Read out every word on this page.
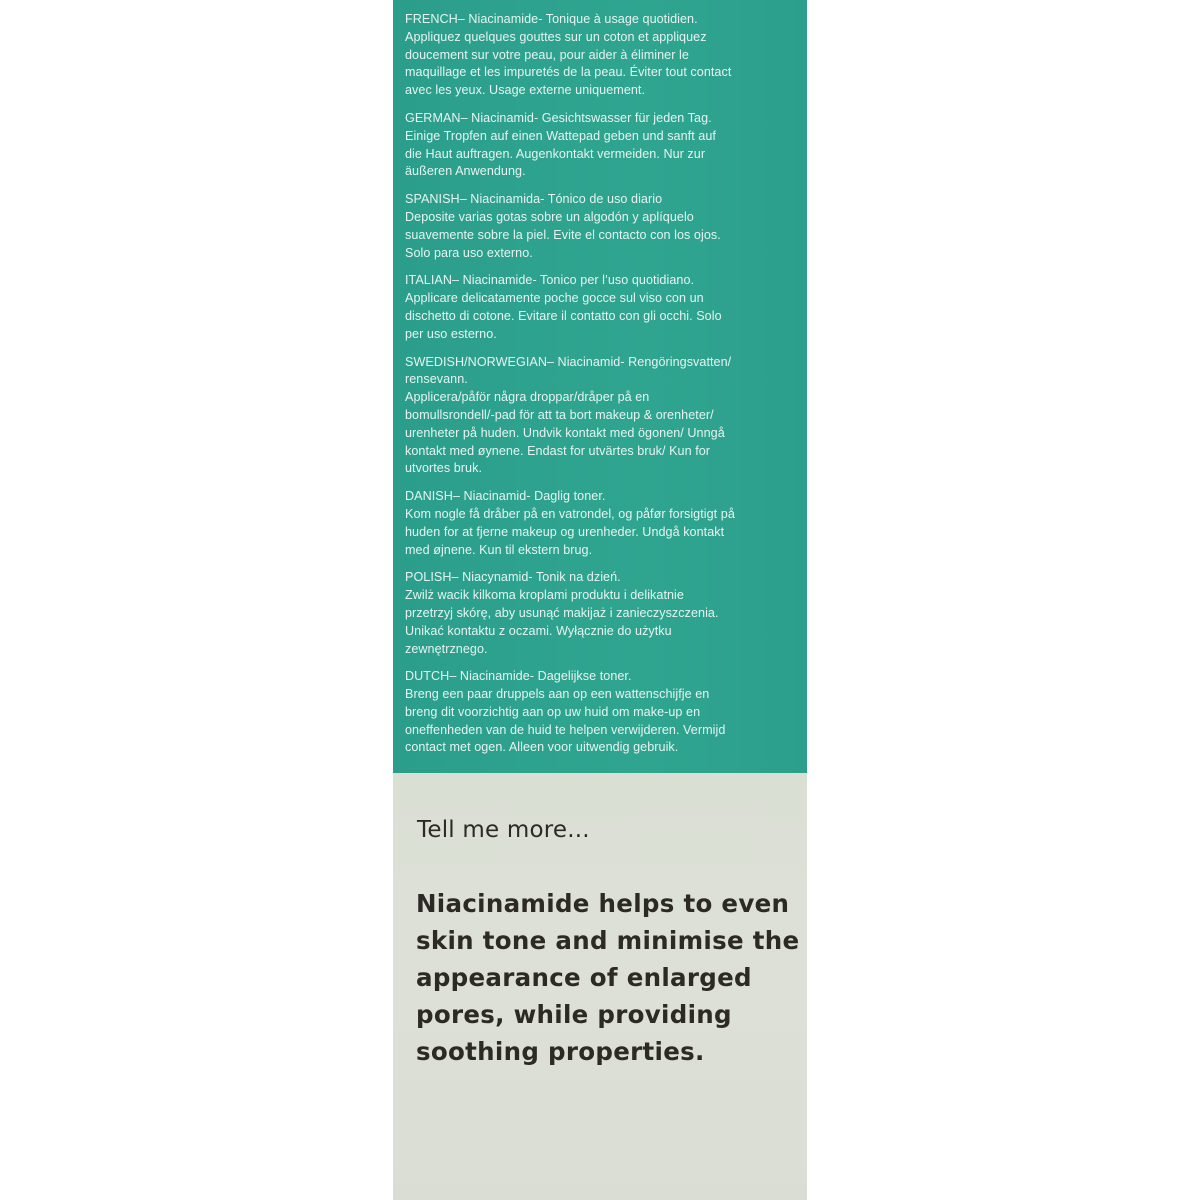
FRENCH– Niacinamide- Tonique à usage quotidien.
Appliquez quelques gouttes sur un coton et appliquez
doucement sur votre peau, pour aider à éliminer le
maquillage et les impuretés de la peau. Éviter tout contact
avec les yeux. Usage externe uniquement.
GERMAN– Niacinamid- Gesichtswasser für jeden Tag.
Einige Tropfen auf einen Wattepad geben und sanft auf
die Haut auftragen. Augenkontakt vermeiden. Nur zur
äußeren Anwendung.
SPANISH– Niacinamida- Tónico de uso diario
Deposite varias gotas sobre un algodón y aplíquelo
suavemente sobre la piel. Evite el contacto con los ojos.
Solo para uso externo.
ITALIAN– Niacinamide- Tonico per l’uso quotidiano.
Applicare delicatamente poche gocce sul viso con un
dischetto di cotone. Evitare il contatto con gli occhi. Solo
per uso esterno.
SWEDISH/NORWEGIAN– Niacinamid- Rengöringsvatten/
rensevann.
Applicera/påför några droppar/dråper på en
bomullsrondell/-pad för att ta bort makeup & orenheter/
urenheter på huden. Undvik kontakt med ögonen/ Unngå
kontakt med øynene. Endast for utvärtes bruk/ Kun for
utvortes bruk.
DANISH– Niacinamid- Daglig toner.
Kom nogle få dråber på en vatrondel, og påfør forsigtigt på
huden for at fjerne makeup og urenheder. Undgå kontakt
med øjnene. Kun til ekstern brug.
POLISH– Niacynamid- Tonik na dzień.
Zwilż wacik kilkoma kroplami produktu i delikatnie
przetrzyj skórę, aby usunąć makijaż i zanieczyszczenia.
Unikać kontaktu z oczami. Wyłącznie do użytku
zewnętrznego.
DUTCH– Niacinamide- Dagelijkse toner.
Breng een paar druppels aan op een wattenschijfje en
breng dit voorzichtig aan op uw huid om make-up en
oneffenheden van de huid te helpen verwijderen. Vermijd
contact met ogen. Alleen voor uitwendig gebruik.
Tell me more...
Niacinamide helps to even
skin tone and minimise the
appearance of enlarged
pores, while providing
soothing properties.
